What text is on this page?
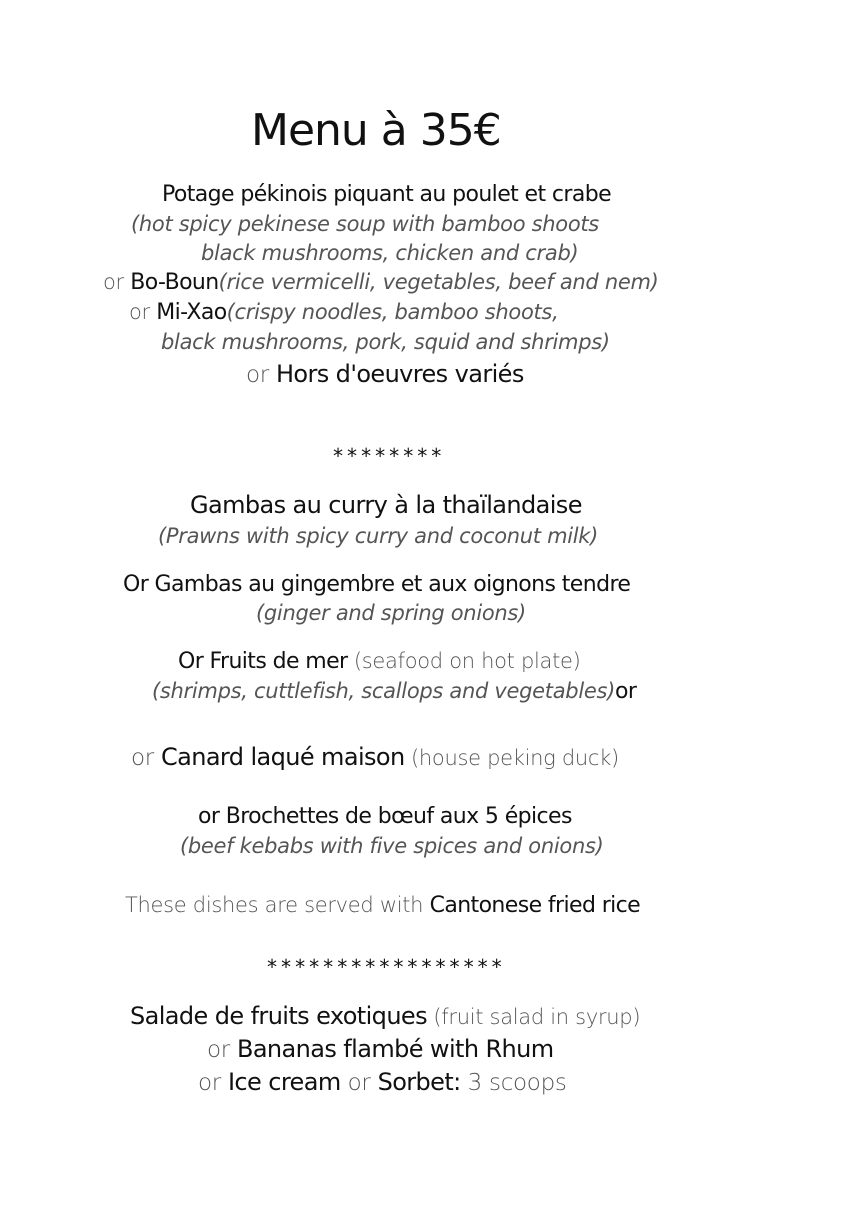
Menu à 35€
Potage pékinois piquant au poulet et crabe
(hot spicy pekinese soup with bamboo shoots
black mushrooms, chicken and crab)
or Bo-Boun(rice vermicelli, vegetables, beef and nem)
or Mi-Xao(crispy noodles, bamboo shoots,
black mushrooms, pork, squid and shrimps)
or Hors d'oeuvres variés
********
Gambas au curry à la thaïlandaise
(Prawns with spicy curry and coconut milk)
Or Gambas au gingembre et aux oignons tendre
(ginger and spring onions)
Or Fruits de mer (seafood on hot plate)
(shrimps, cuttlefish, scallops and vegetables)or
or Canard laqué maison (house peking duck)
or Brochettes de bœuf aux 5 épices
(beef kebabs with five spices and onions)
These dishes are served with Cantonese fried rice
*****************
Salade de fruits exotiques (fruit salad in syrup)
or Bananas flambé with Rhum
or Ice cream or Sorbet: 3 scoops
